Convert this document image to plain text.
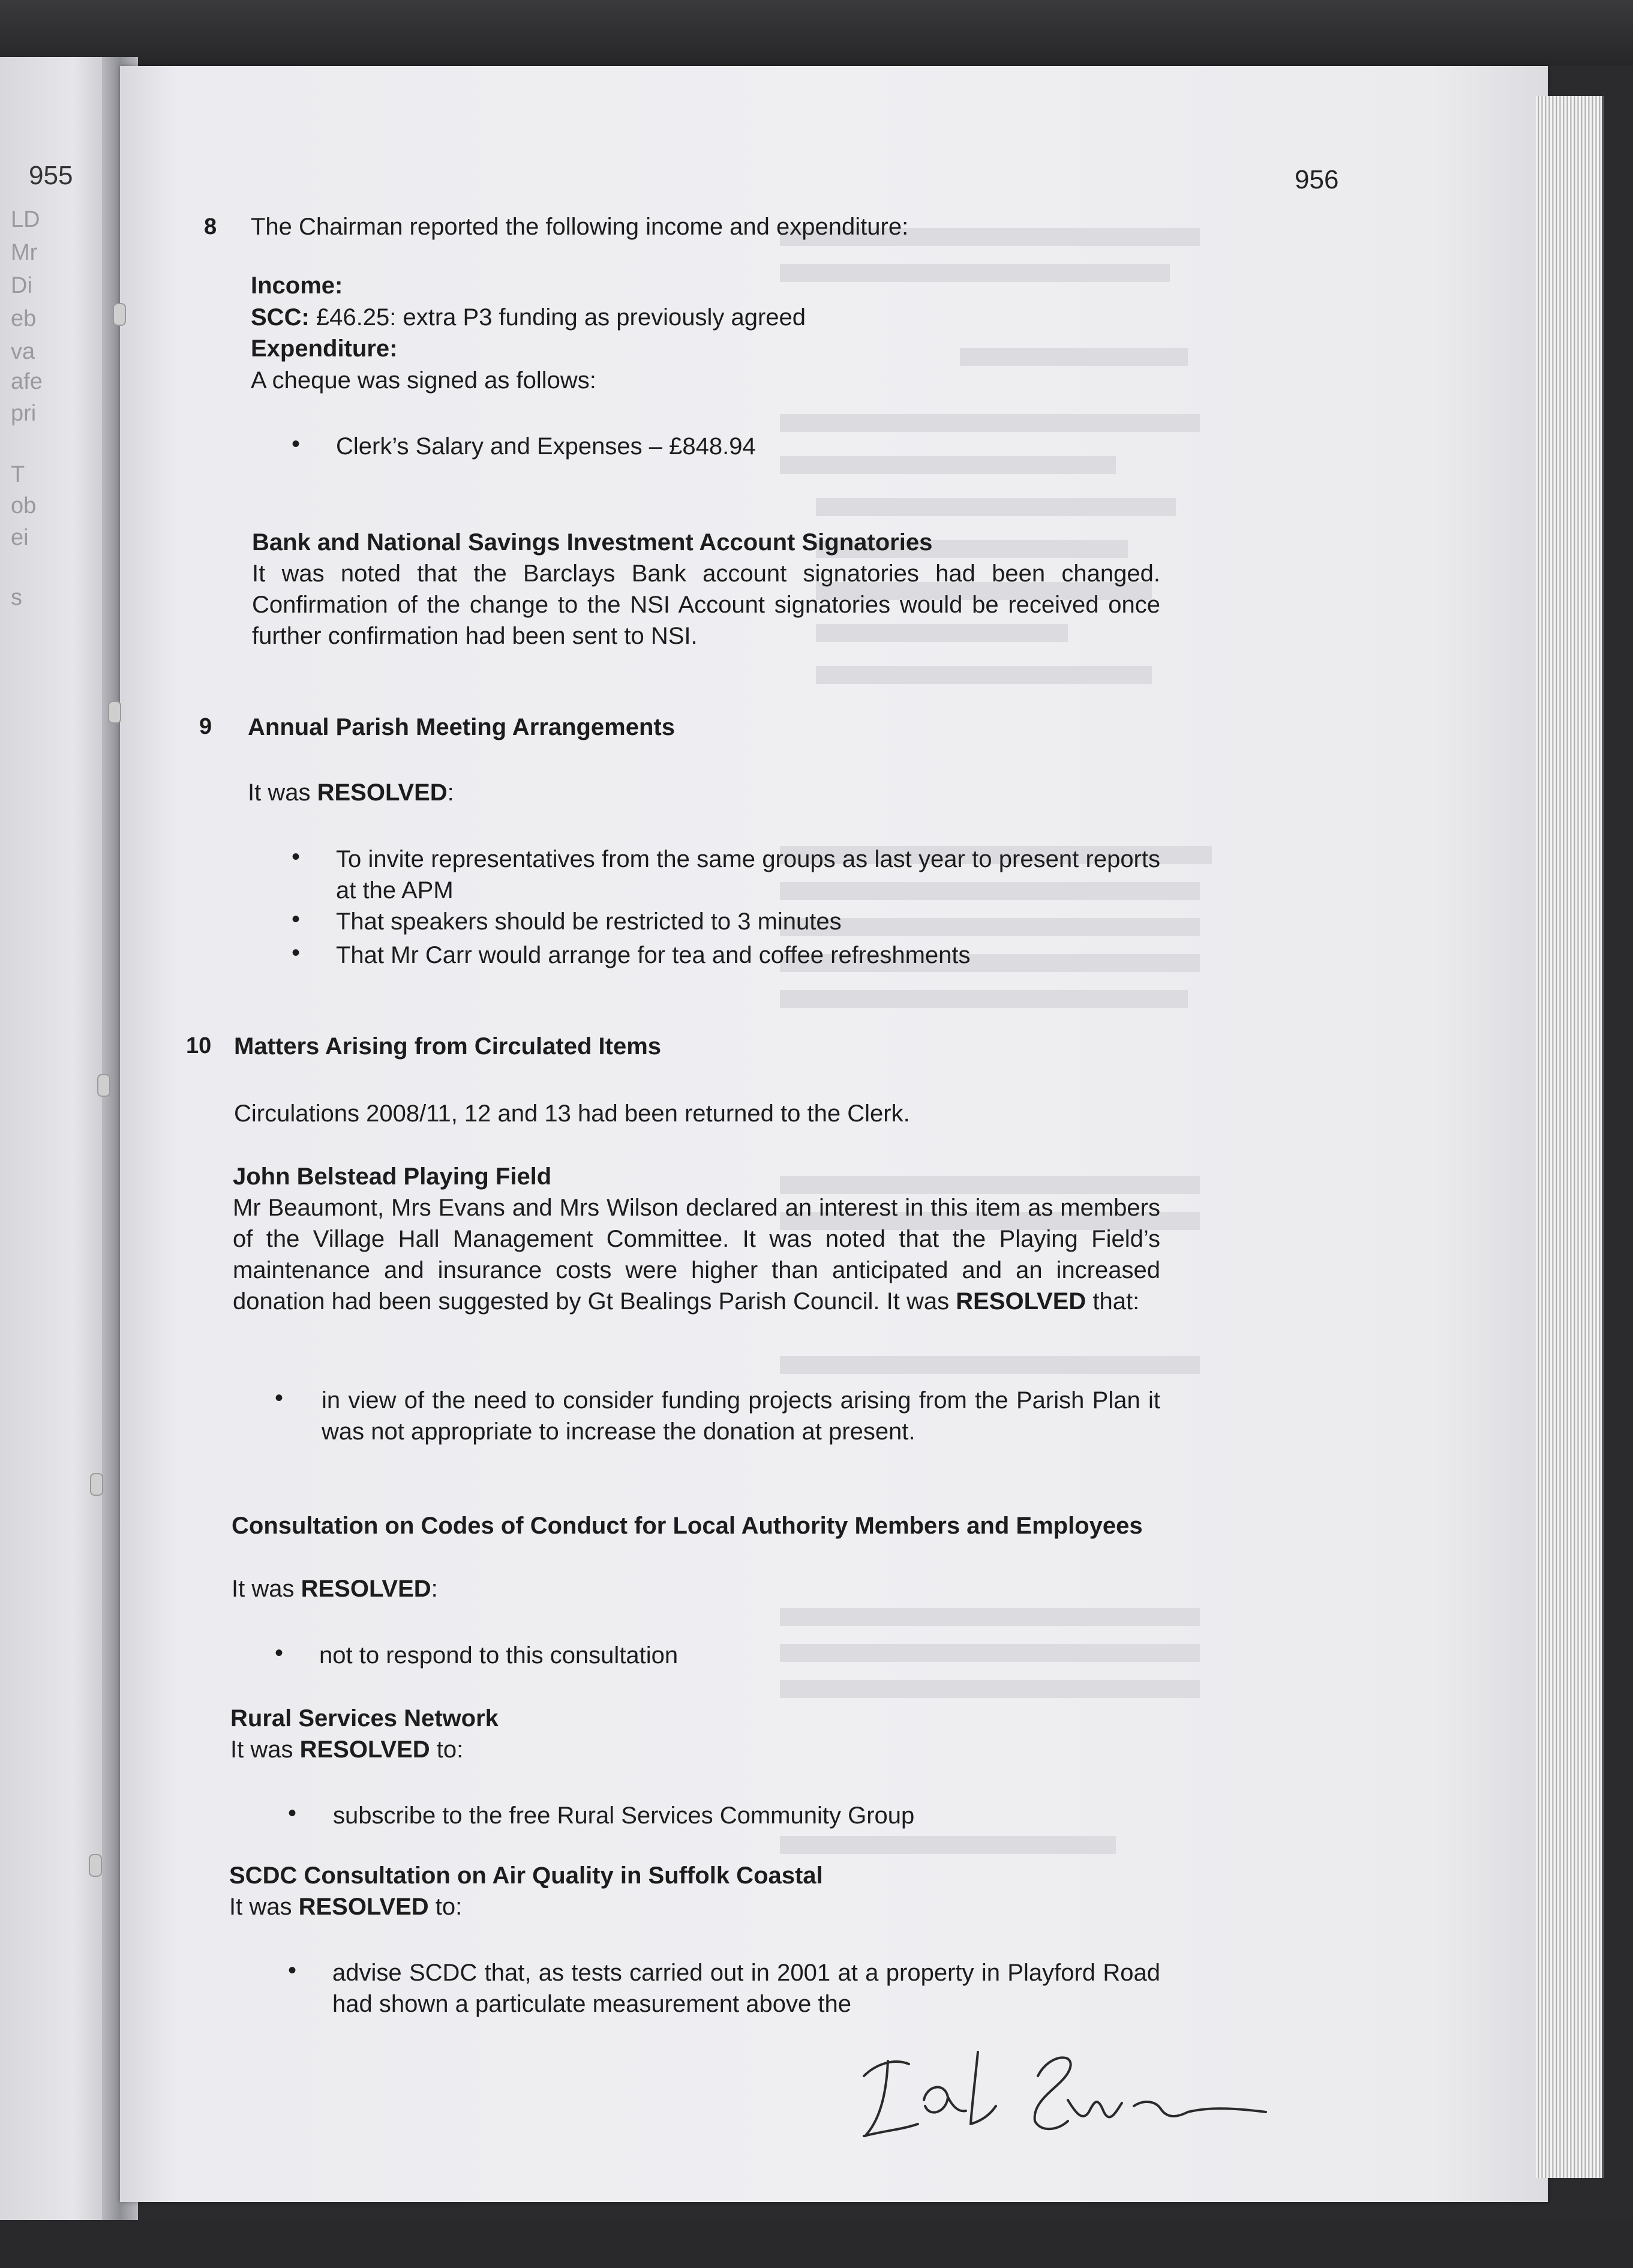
955
LD
Mr
Di
eb
va
afe
pri
T
ob
ei
s
956
8 The Chairman reported the following income and expenditure:
Income:
SCC: £46.25: extra P3 funding as previously agreed
Expenditure:
A cheque was signed as follows:
• Clerk’s Salary and Expenses – £848.94
Bank and National Savings Investment Account Signatories
It was noted that the Barclays Bank account signatories had been changed. Confirmation of the change to the NSI Account signatories would be received once further confirmation had been sent to NSI.
9 Annual Parish Meeting Arrangements
It was RESOLVED:
• To invite representatives from the same groups as last year to present reports at the APM
• That speakers should be restricted to 3 minutes
• That Mr Carr would arrange for tea and coffee refreshments
10 Matters Arising from Circulated Items
Circulations 2008/11, 12 and 13 had been returned to the Clerk.
John Belstead Playing Field
Mr Beaumont, Mrs Evans and Mrs Wilson declared an interest in this item as members of the Village Hall Management Committee. It was noted that the Playing Field’s maintenance and insurance costs were higher than anticipated and an increased donation had been suggested by Gt Bealings Parish Council. It was RESOLVED that:
• in view of the need to consider funding projects arising from the Parish Plan it was not appropriate to increase the donation at present.
Consultation on Codes of Conduct for Local Authority Members and Employees
It was RESOLVED:
• not to respond to this consultation
Rural Services Network
It was RESOLVED to:
• subscribe to the free Rural Services Community Group
SCDC Consultation on Air Quality in Suffolk Coastal
It was RESOLVED to:
• advise SCDC that, as tests carried out in 2001 at a property in Playford Road had shown a particulate measurement above the
